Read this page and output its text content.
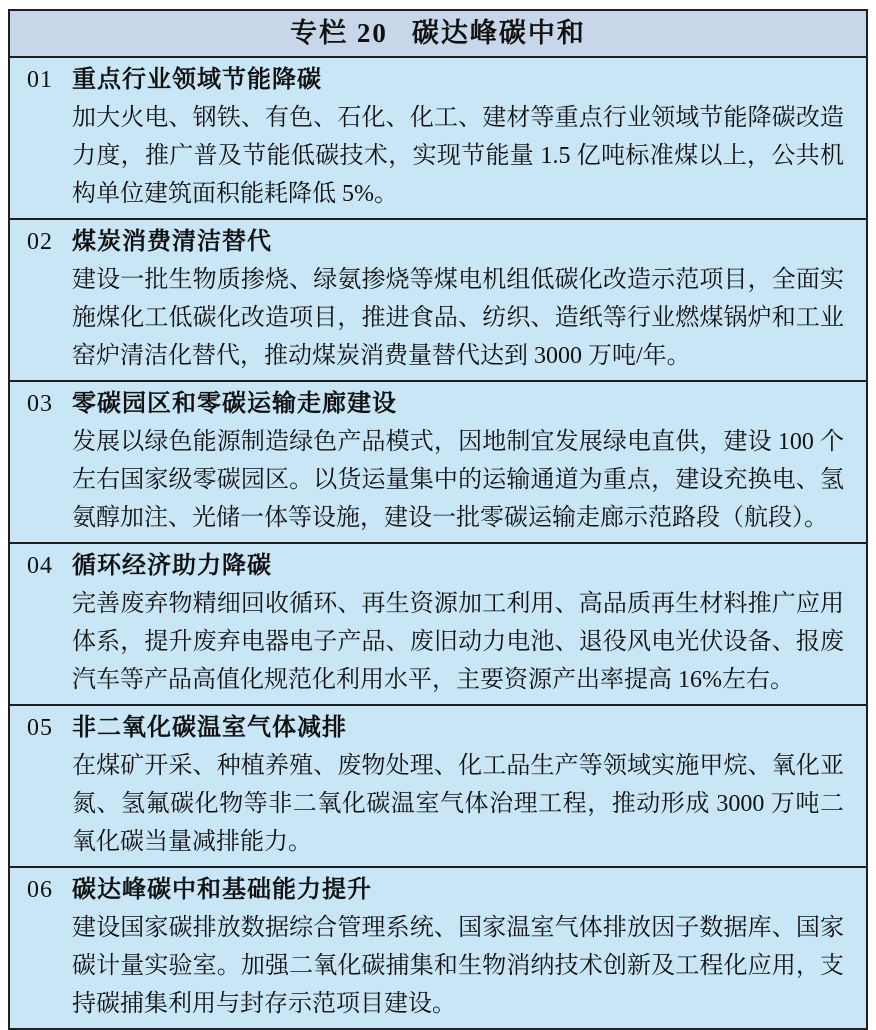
专栏 20 碳达峰碳中和
01 重点行业领域节能降碳

加大火电、钢铁、有色、石化、化工、建材等重点行业领域节能降碳改造力度，推广普及节能低碳技术，实现节能量 1.5 亿吨标准煤以上，公共机构单位建筑面积能耗降低 5%。

02 煤炭消费清洁替代

建设一批生物质掺烧、绿氨掺烧等煤电机组低碳化改造示范项目，全面实施煤化工低碳化改造项目，推进食品、纺织、造纸等行业燃煤锅炉和工业窑炉清洁化替代，推动煤炭消费量替代达到 3000 万吨/年。

03 零碳园区和零碳运输走廊建设

发展以绿色能源制造绿色产品模式，因地制宜发展绿电直供，建设 100 个左右国家级零碳园区。以货运量集中的运输通道为重点，建设充换电、氢氨醇加注、光储一体等设施，建设一批零碳运输走廊示范路段（航段）。

04 循环经济助力降碳

完善废弃物精细回收循环、再生资源加工利用、高品质再生材料推广应用体系，提升废弃电器电子产品、废旧动力电池、退役风电光伏设备、报废汽车等产品高值化规范化利用水平，主要资源产出率提高 16%左右。

05 非二氧化碳温室气体减排

在煤矿开采、种植养殖、废物处理、化工品生产等领域实施甲烷、氧化亚氮、氢氟碳化物等非二氧化碳温室气体治理工程，推动形成 3000 万吨二氧化碳当量减排能力。

06 碳达峰碳中和基础能力提升

建设国家碳排放数据综合管理系统、国家温室气体排放因子数据库、国家碳计量实验室。加强二氧化碳捕集和生物消纳技术创新及工程化应用，支持碳捕集利用与封存示范项目建设。
